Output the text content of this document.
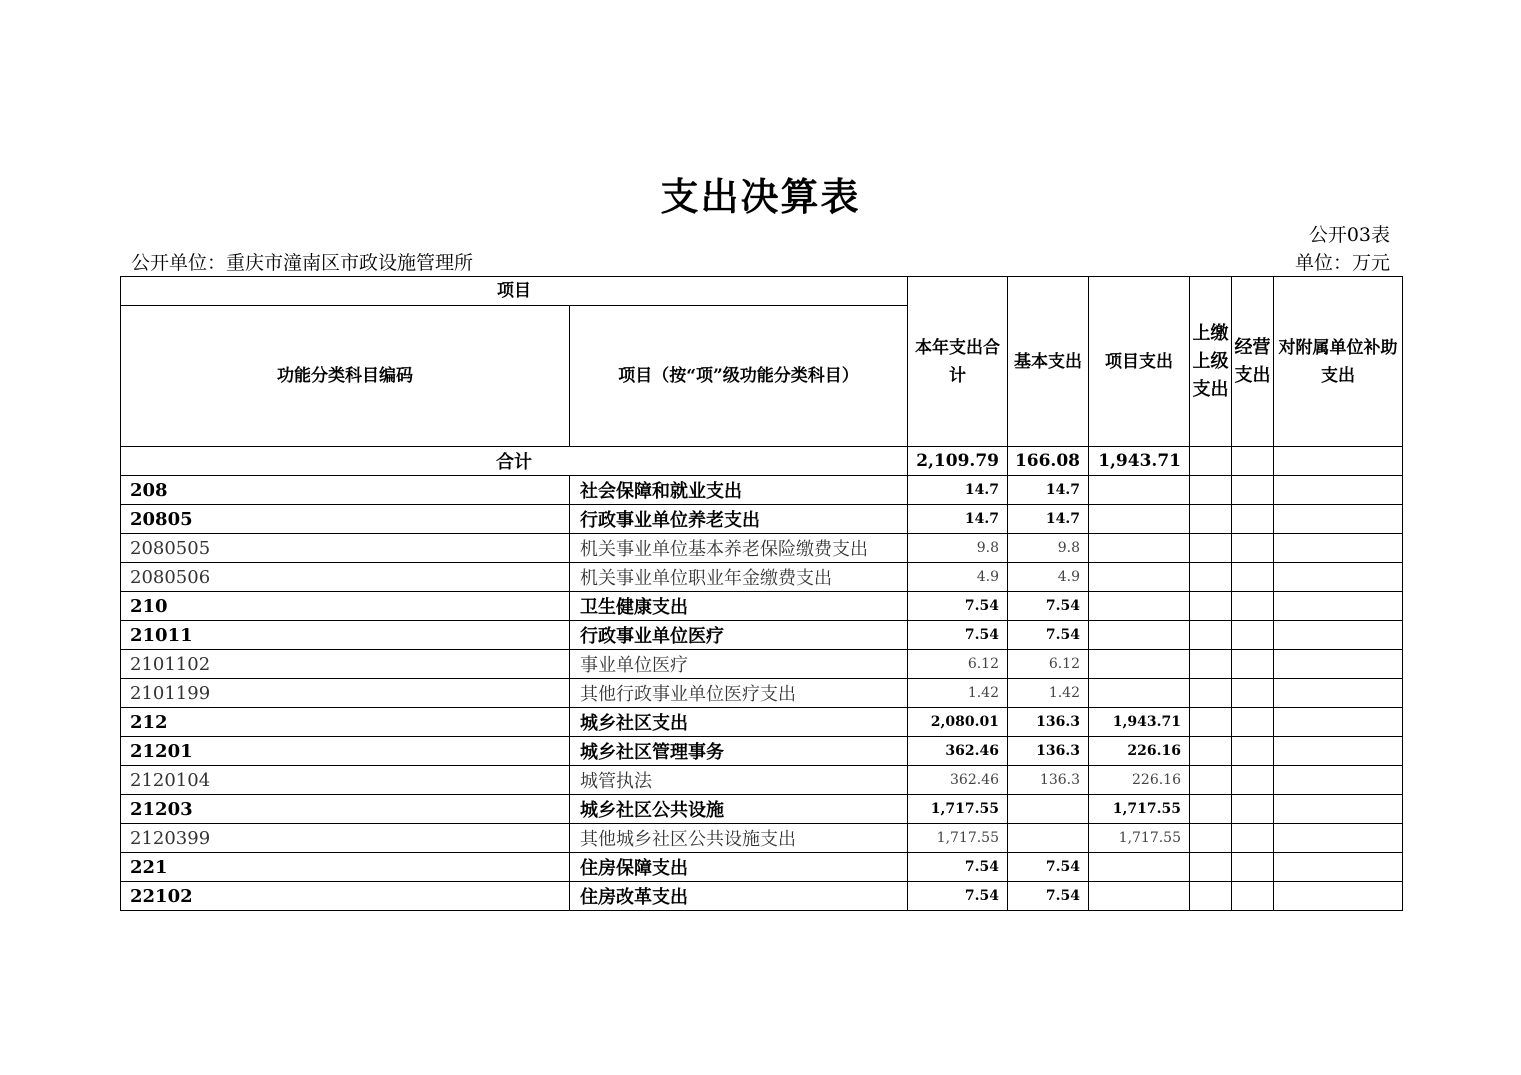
支出决算表
公开03表
公开单位：重庆市潼南区市政设施管理所	单位：万元
项目		本年支出合计	基本支出	项目支出	上缴上级支出	经营支出	对附属单位补助支出
功能分类科目编码	项目（按“项”级功能分类科目）						
合计		2,109.79	166.08	1,943.71			
208	社会保障和就业支出	14.7	14.7				
20805	行政事业单位养老支出	14.7	14.7				
2080505	机关事业单位基本养老保险缴费支出	9.8	9.8				
2080506	机关事业单位职业年金缴费支出	4.9	4.9				
210	卫生健康支出	7.54	7.54				
21011	行政事业单位医疗	7.54	7.54				
2101102	事业单位医疗	6.12	6.12				
2101199	其他行政事业单位医疗支出	1.42	1.42				
212	城乡社区支出	2,080.01	136.3	1,943.71			
21201	城乡社区管理事务	362.46	136.3	226.16			
2120104	城管执法	362.46	136.3	226.16			
21203	城乡社区公共设施	1,717.55		1,717.55			
2120399	其他城乡社区公共设施支出	1,717.55		1,717.55			
221	住房保障支出	7.54	7.54				
22102	住房改革支出	7.54	7.54				
